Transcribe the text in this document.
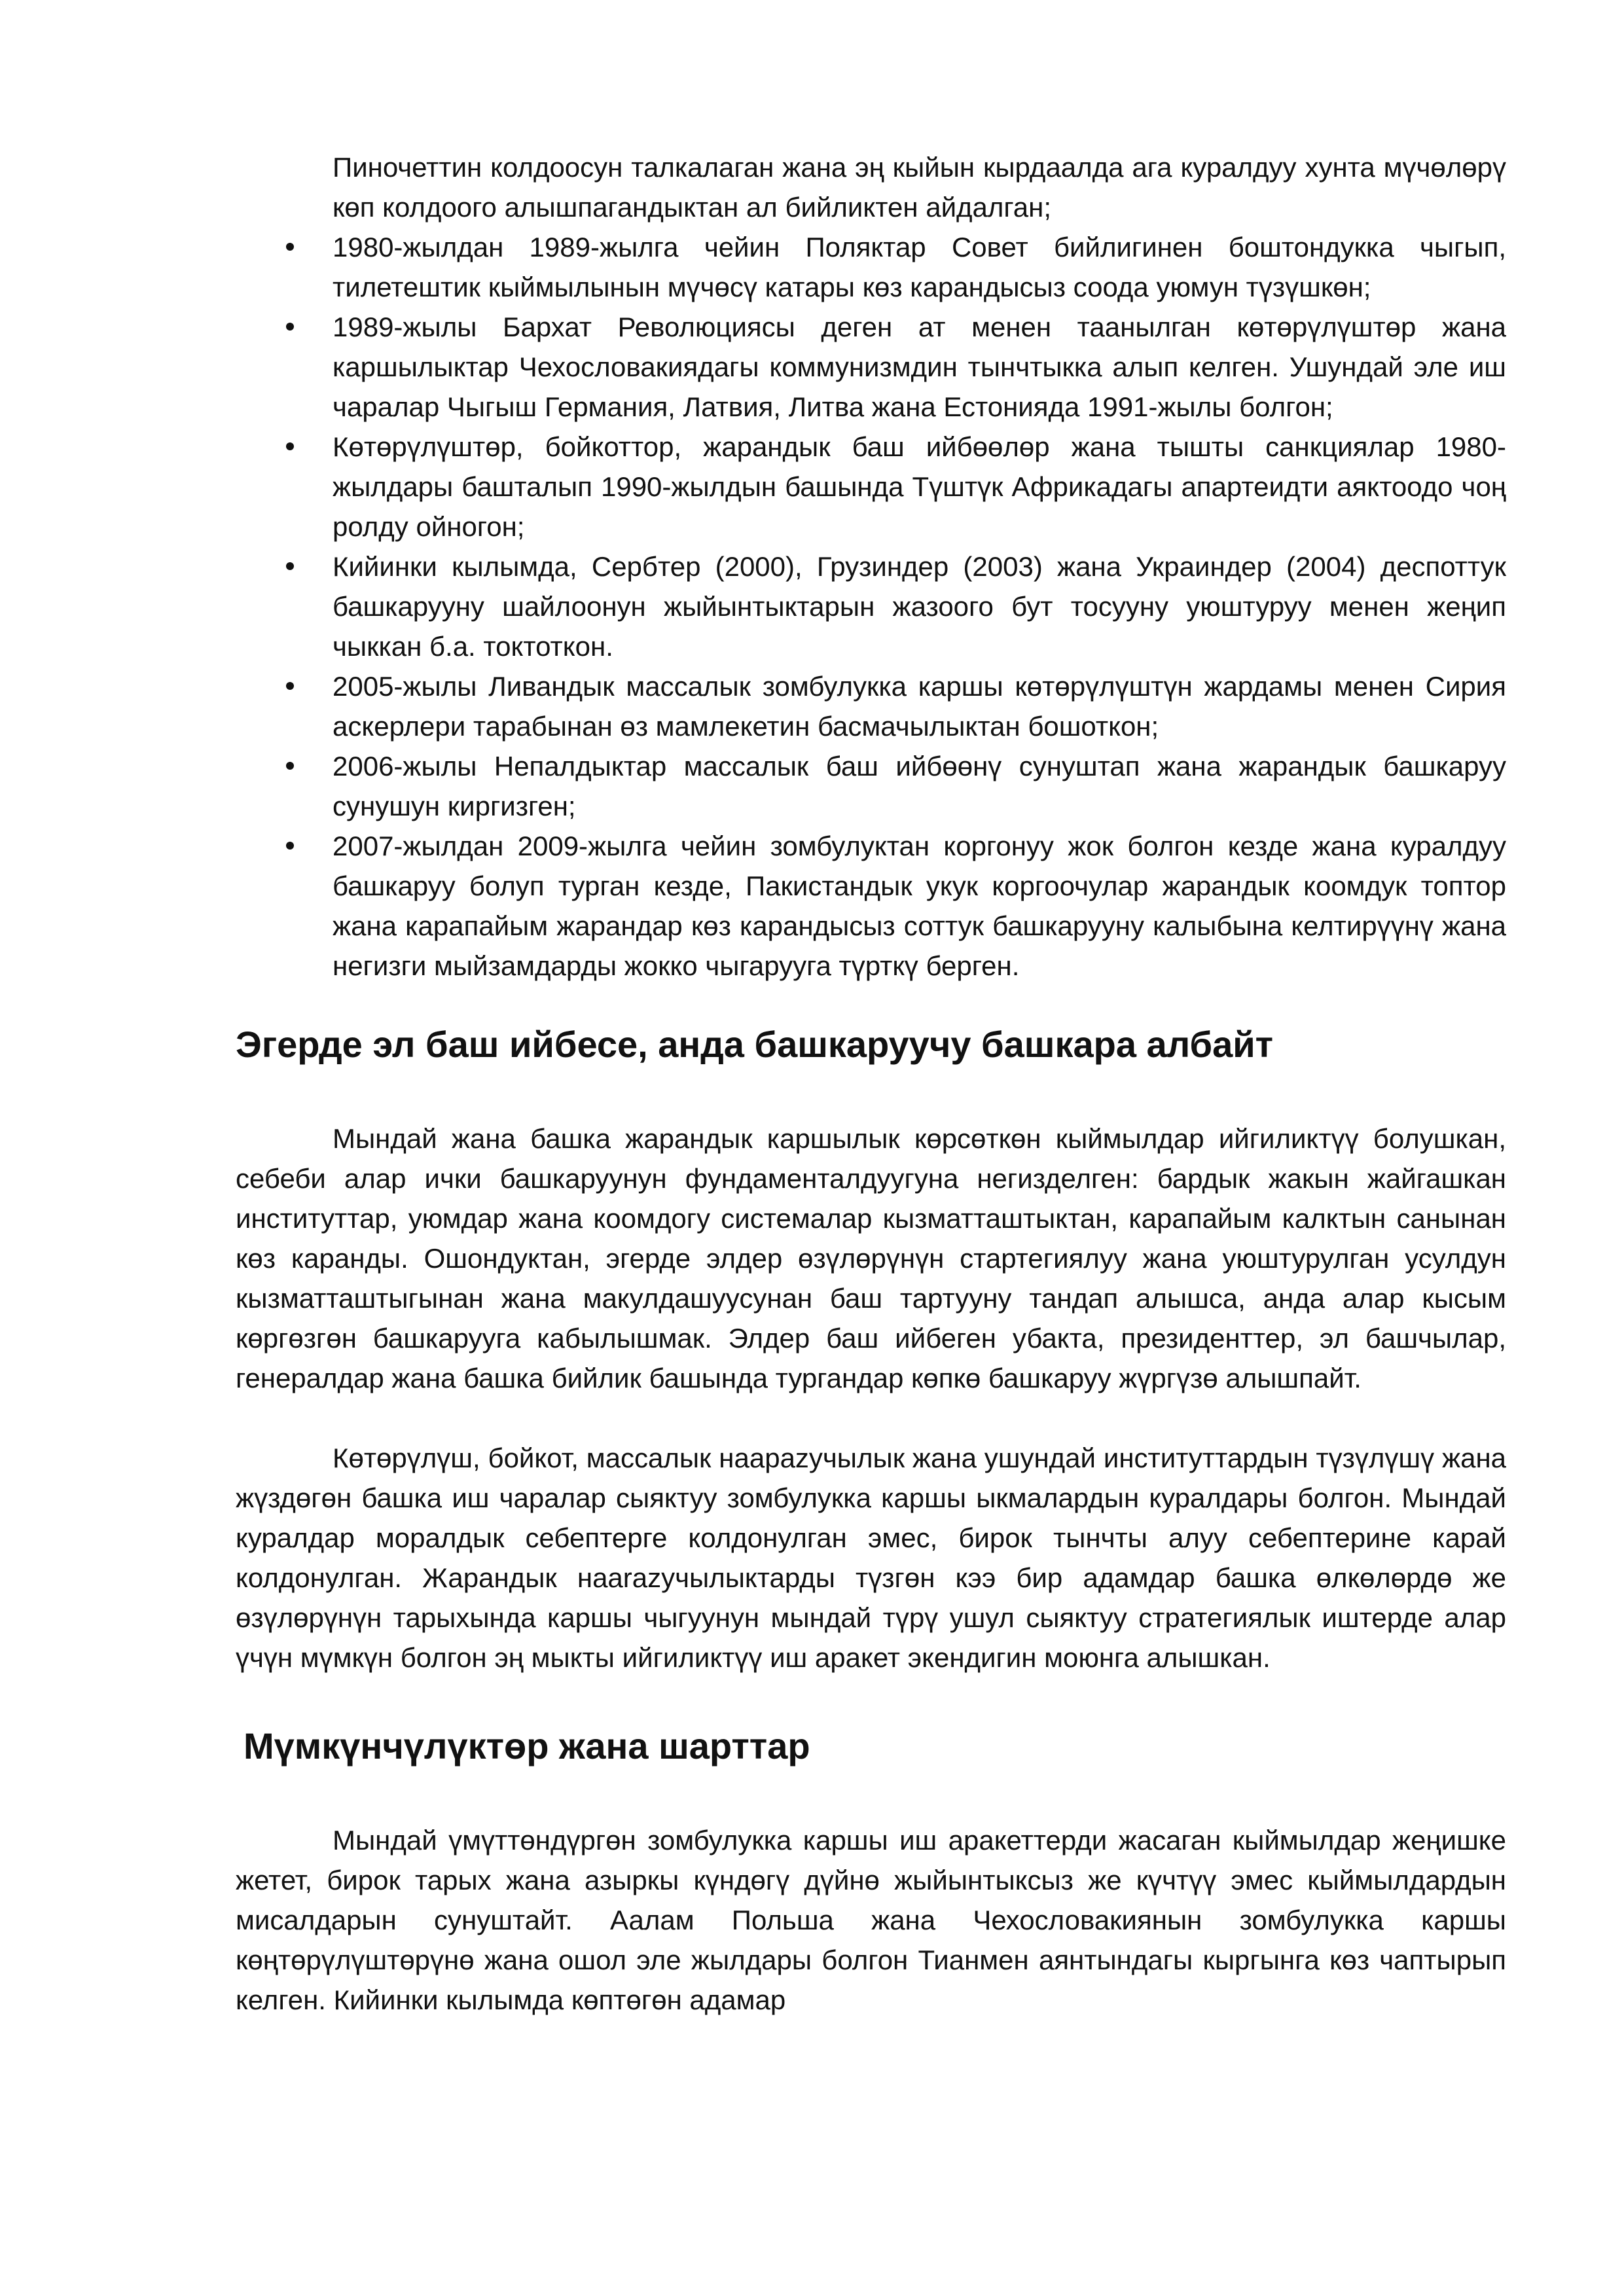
Пиночеттин колдоосун талкалаган жана эң кыйын кырдаалда ага куралдуу хунта мүчөлөрү көп колдоого алышпагандыктан ал бийликтен айдалган;

1980-жылдан 1989-жылга чейин Поляктар Совет бийлигинен боштондукка чыгып, тилетештик кыймылынын мүчөсү катары көз карандысыз соода уюмун түзүшкөн;
1989-жылы Бархат Революциясы деген ат менен таанылган көтөрүлүштөр жана каршылыктар Чехословакиядагы коммунизмдин тынчтыкка алып келген. Ушундай эле иш чаралар Чыгыш Германия, Латвия, Литва жана Естонияда 1991-жылы болгон;
Көтөрүлүштөр, бойкоттор, жарандык баш ийбөөлөр жана тышты санкциялар 1980-жылдары башталып 1990-жылдын башында Түштүк Африкадагы апартеидти аяктоодо чоң ролду ойногон;
Кийинки кылымда, Сербтер (2000), Грузиндер (2003) жана Украиндер (2004) деспоттук башкарууну шайлоонун жыйынтыктарын жазоого бут тосууну уюштуруу менен жеңип чыккан б.а. токтоткон.
2005-жылы Ливандык массалык зомбулукка каршы көтөрүлүштүн жардамы менен Сирия аскерлери тарабынан өз мамлекетин басмачылыктан бошоткон;
2006-жылы Непалдыктар массалык баш ийбөөнү сунуштап жана жарандык башкаруу сунушун киргизген;
2007-жылдан 2009-жылга чейин зомбулуктан коргонуу жок болгон кезде жана куралдуу башкаруу болуп турган кезде, Пакистандык укук коргоочулар жарандык коомдук топтор жана карапайым жарандар көз карандысыз соттук башкарууну калыбына келтирүүнү жана негизги мыйзамдарды жокко чыгарууга түрткү берген.
Эгерде эл баш ийбесе, анда башкаруучу башкара албайт

Мындай жана башка жарандык каршылык көрсөткөн кыймылдар ийгиликтүү болушкан, себеби алар ички башкаруунун фундаменталдуугуна негизделген: бардык жакын жайгашкан институттар, уюмдар жана коомдогу системалар кызматташтыктан, карапайым калктын санынан көз каранды. Ошондуктан, эгерде элдер өзүлөрүнүн стартегиялуу жана уюштурулган усулдун кызматташтыгынан жана макулдашуусунан баш тартууну тандап алышса, анда алар кысым көргөзгөн башкарууга кабылышмак. Элдер баш ийбеген убакта, президенттер, эл башчылар, генералдар жана башка бийлик башында тургандар көпкө башкаруу жүргүзө алышпайт.

Көтөрүлүш, бойкот, массалык наарazyчылык жана ушундай институттардын түзүлүшү жана жүздөгөн башка иш чаралар сыяктуу зомбулукка каршы ыкмалардын куралдары болгон. Мындай куралдар моралдык себептерге колдонулган эмес, бирок тынчты алуу себептерине карай колдонулган. Жарандык наarazyчылыктарды түзгөн кээ бир адамдар башка өлкөлөрдө же өзүлөрүнүн тарыхында каршы чыгуунун мындай түрү ушул сыяктуу стратегиялык иштерде алар үчүн мүмкүн болгон эң мыкты ийгиликтүү иш аракет экендигин моюнга алышкан.

Мүмкүнчүлүктөр жана шарттар

Мындай үмүттөндүргөн зомбулукка каршы иш аракеттерди жасаган кыймылдар жеңишке жетет, бирок тарых жана азыркы күндөгү дүйнө жыйынтыксыз же күчтүү эмес кыймылдардын мисалдарын сунуштайт. Аалам Польша жана Чехословакиянын зомбулукка каршы көңтөрүлүштөрүнө жана ошол эле жылдары болгон Тианмен аянтындагы кыргынга көз чаптырып келген. Кийинки кылымда көптөгөн адамар
